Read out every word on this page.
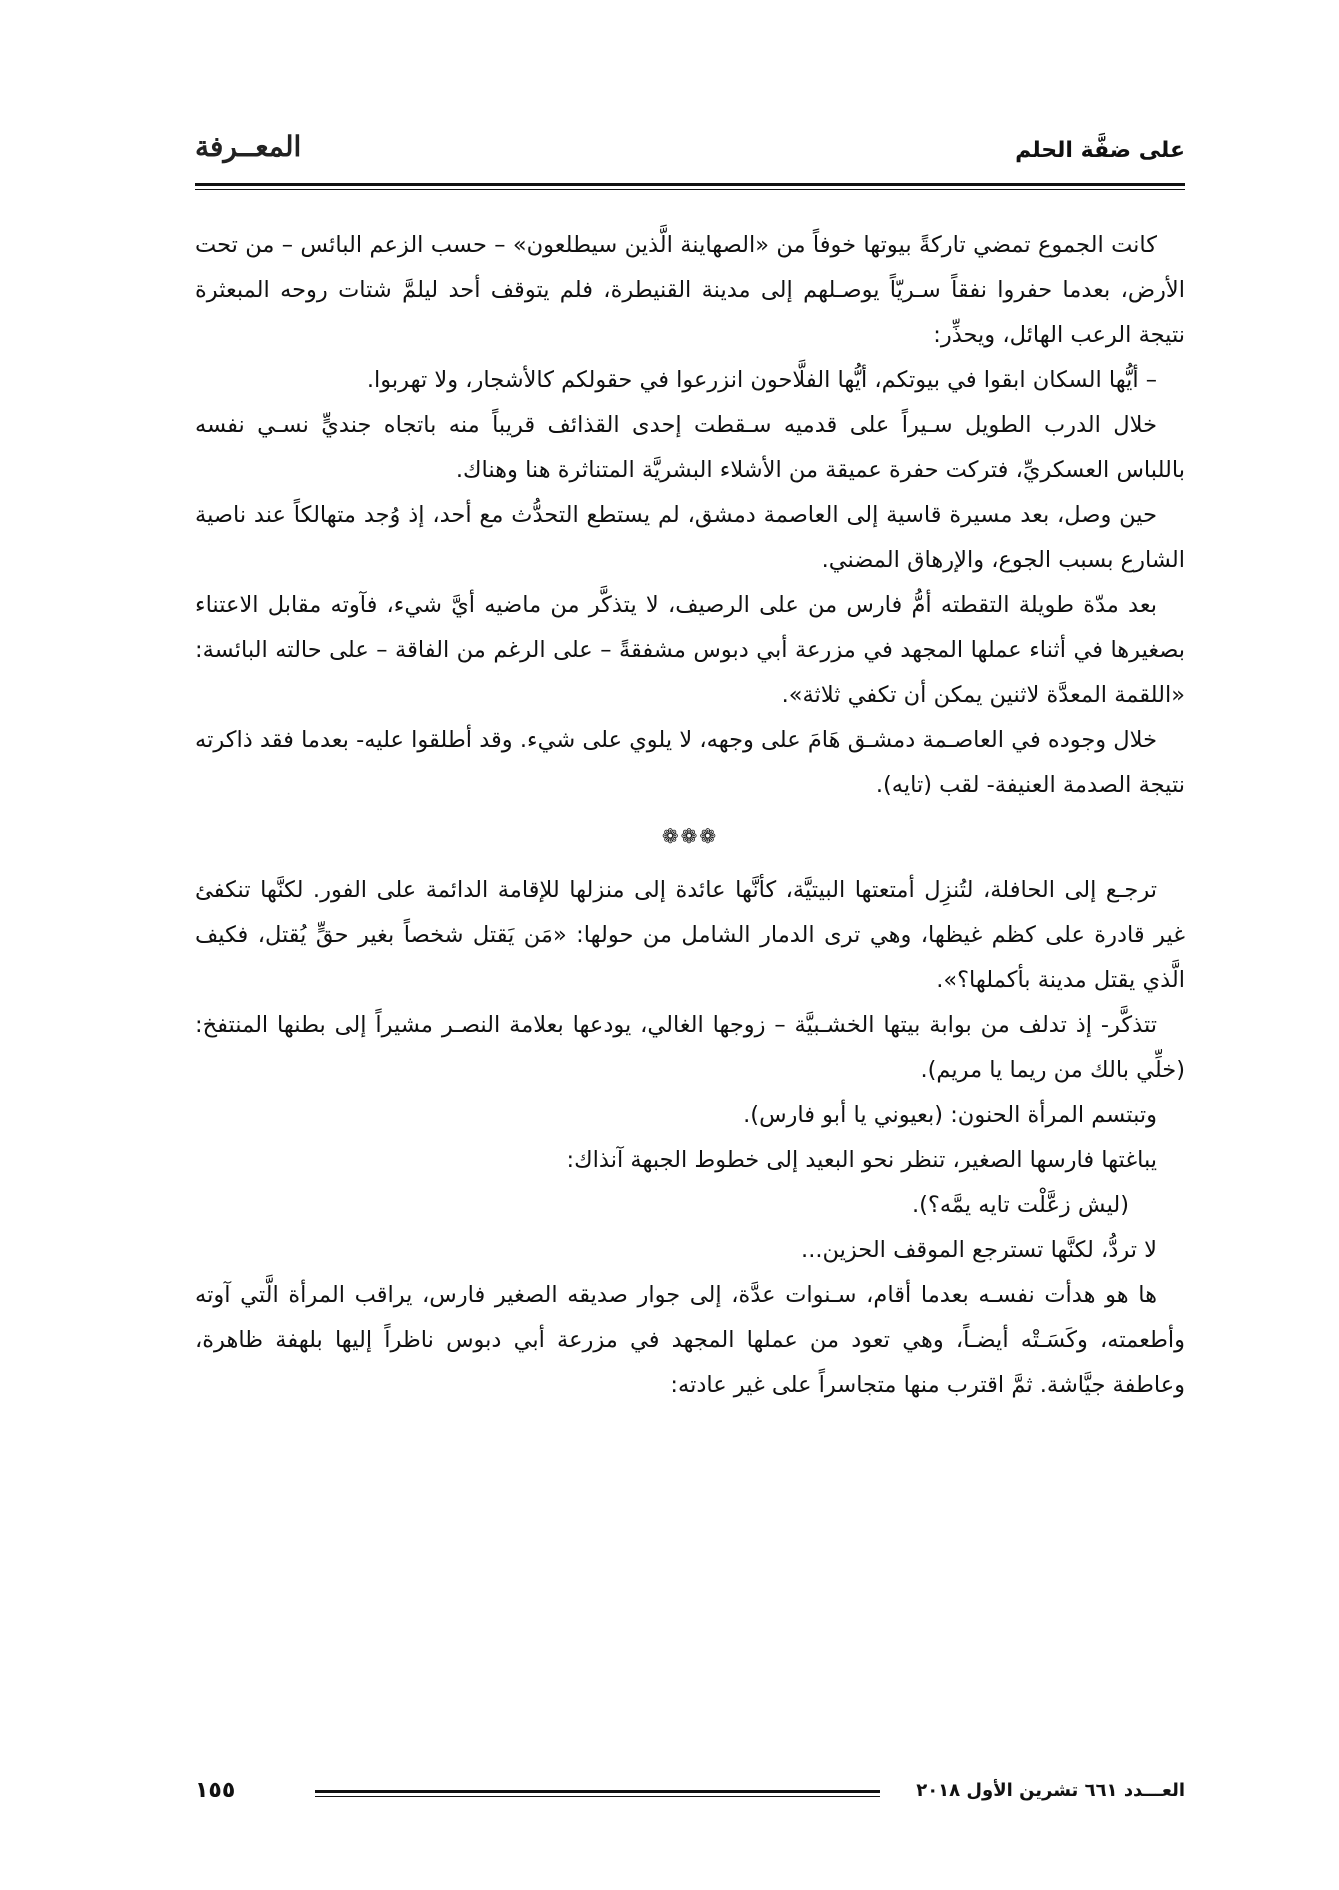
على ضفَّة الحلم
المعــرفة

كانت الجموع تمضي تاركةً بيوتها خوفاً من «الصهاينة الَّذين سيطلعون» – حسب الزعم البائس – من تحت الأرض، بعدما حفروا نفقاً سـريّاً يوصـلهم إلى مدينة القنيطرة، فلم يتوقف أحد ليلمَّ شتات روحه المبعثرة نتيجة الرعب الهائل، ويحذِّر:

– أيُّها السكان ابقوا في بيوتكم، أيُّها الفلَّاحون انزرعوا في حقولكم كالأشجار، ولا تهربوا.

خلال الدرب الطويل سـيراً على قدميه سـقطت إحدى القذائف قريباً منه باتجاه جنديٍّ نسـي نفسه باللباس العسكريِّ، فتركت حفرة عميقة من الأشلاء البشريَّة المتناثرة هنا وهناك.

حين وصل، بعد مسيرة قاسية إلى العاصمة دمشق، لم يستطع التحدُّث مع أحد، إذ وُجد متهالكاً عند ناصية الشارع بسبب الجوع، والإرهاق المضني.

بعد مدّة طويلة التقطته أمُّ فارس من على الرصيف، لا يتذكَّر من ماضيه أيَّ شيء، فآوته مقابل الاعتناء بصغيرها في أثناء عملها المجهد في مزرعة أبي دبوس مشفقةً – على الرغم من الفاقة – على حالته البائسة: «اللقمة المعدَّة لاثنين يمكن أن تكفي ثلاثة».

خلال وجوده في العاصـمة دمشـق هَامَ على وجهه، لا يلوي على شيء. وقد أطلقوا عليه- بعدما فقد ذاكرته نتيجة الصدمة العنيفة- لقب (تايه).

❁❁❁

ترجـع إلى الحافلة، لتُنزِل أمتعتها البيتيَّة، كأنَّها عائدة إلى منزلها للإقامة الدائمة على الفور. لكنَّها تنكفئ غير قادرة على كظم غيظها، وهي ترى الدمار الشامل من حولها: «مَن يَقتل شخصاً بغير حقٍّ يُقتل، فكيف الَّذي يقتل مدينة بأكملها؟».

تتذكَّر- إذ تدلف من بوابة بيتها الخشـبيَّة – زوجها الغالي، يودعها بعلامة النصـر مشيراً إلى بطنها المنتفخ: (خلِّي بالك من ريما يا مريم).

وتبتسم المرأة الحنون: (بعيوني يا أبو فارس).

يباغتها فارسها الصغير، تنظر نحو البعيد إلى خطوط الجبهة آنذاك:

(ليش زعَّلْت تايه يمَّه؟).

لا تردُّ، لكنَّها تسترجع الموقف الحزين...

ها هو هدأت نفسـه بعدما أقام، سـنوات عدَّة، إلى جوار صديقه الصغير فارس، يراقب المرأة الَّتي آوته وأطعمته، وكَسَـتْه أيضـاً، وهي تعود من عملها المجهد في مزرعة أبي دبوس ناظراً إليها بلهفة ظاهرة، وعاطفة جيَّاشة. ثمَّ اقترب منها متجاسراً على غير عادته:

العـــدد ٦٦١ تشرين الأول ٢٠١٨
١٥٥
